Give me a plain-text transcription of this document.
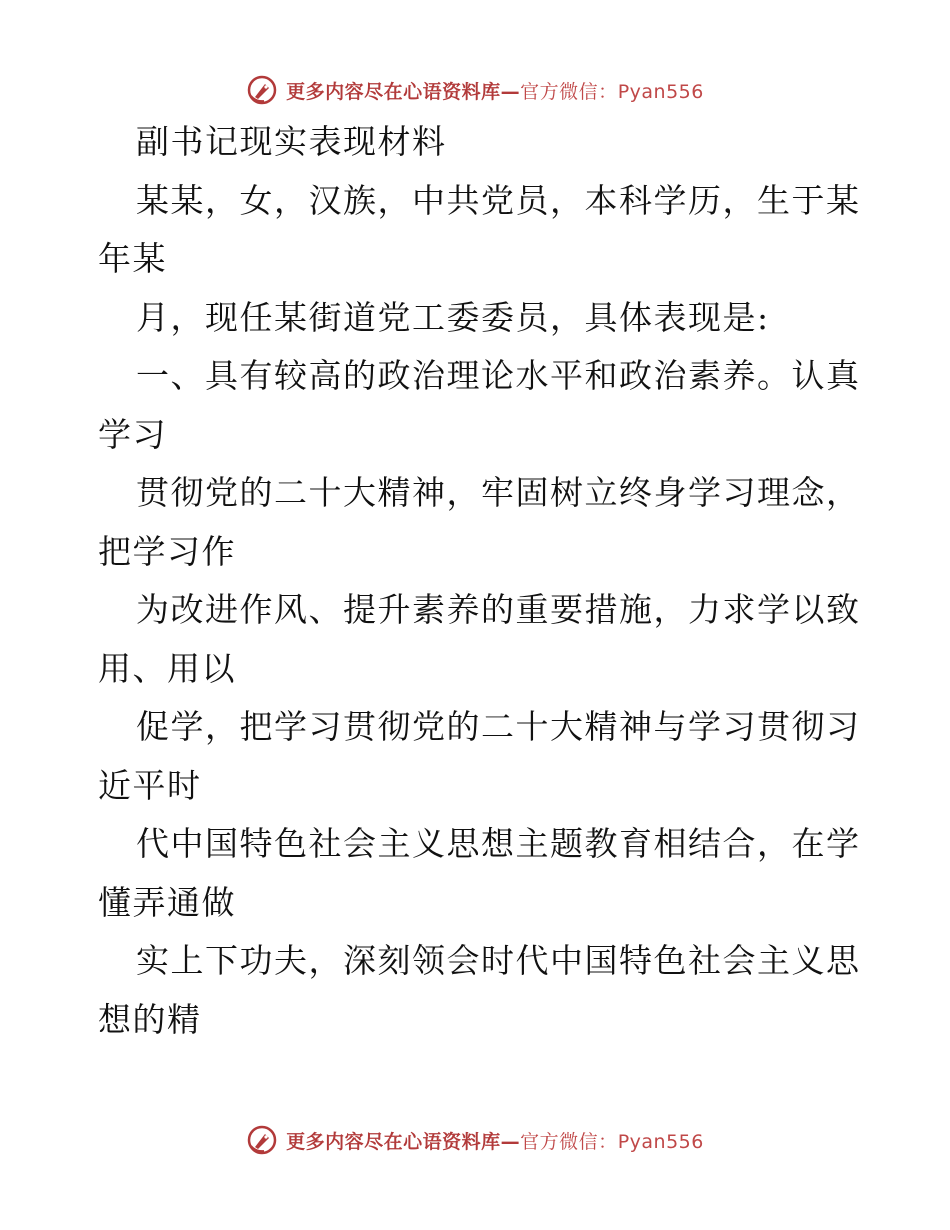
更多内容尽在心语资料库—官方微信：Pyan556
副书记现实表现材料
某某，女，汉族，中共党员，本科学历，生于某
年某
月，现任某街道党工委委员，具体表现是:
一、具有较高的政治理论水平和政治素养。认真
学习
贯彻党的二十大精神，牢固树立终身学习理念，
把学习作
为改进作风、提升素养的重要措施，力求学以致
用、用以
促学，把学习贯彻党的二十大精神与学习贯彻习
近平时
代中国特色社会主义思想主题教育相结合，在学
懂弄通做
实上下功夫，深刻领会时代中国特色社会主义思
想的精
更多内容尽在心语资料库—官方微信：Pyan556
